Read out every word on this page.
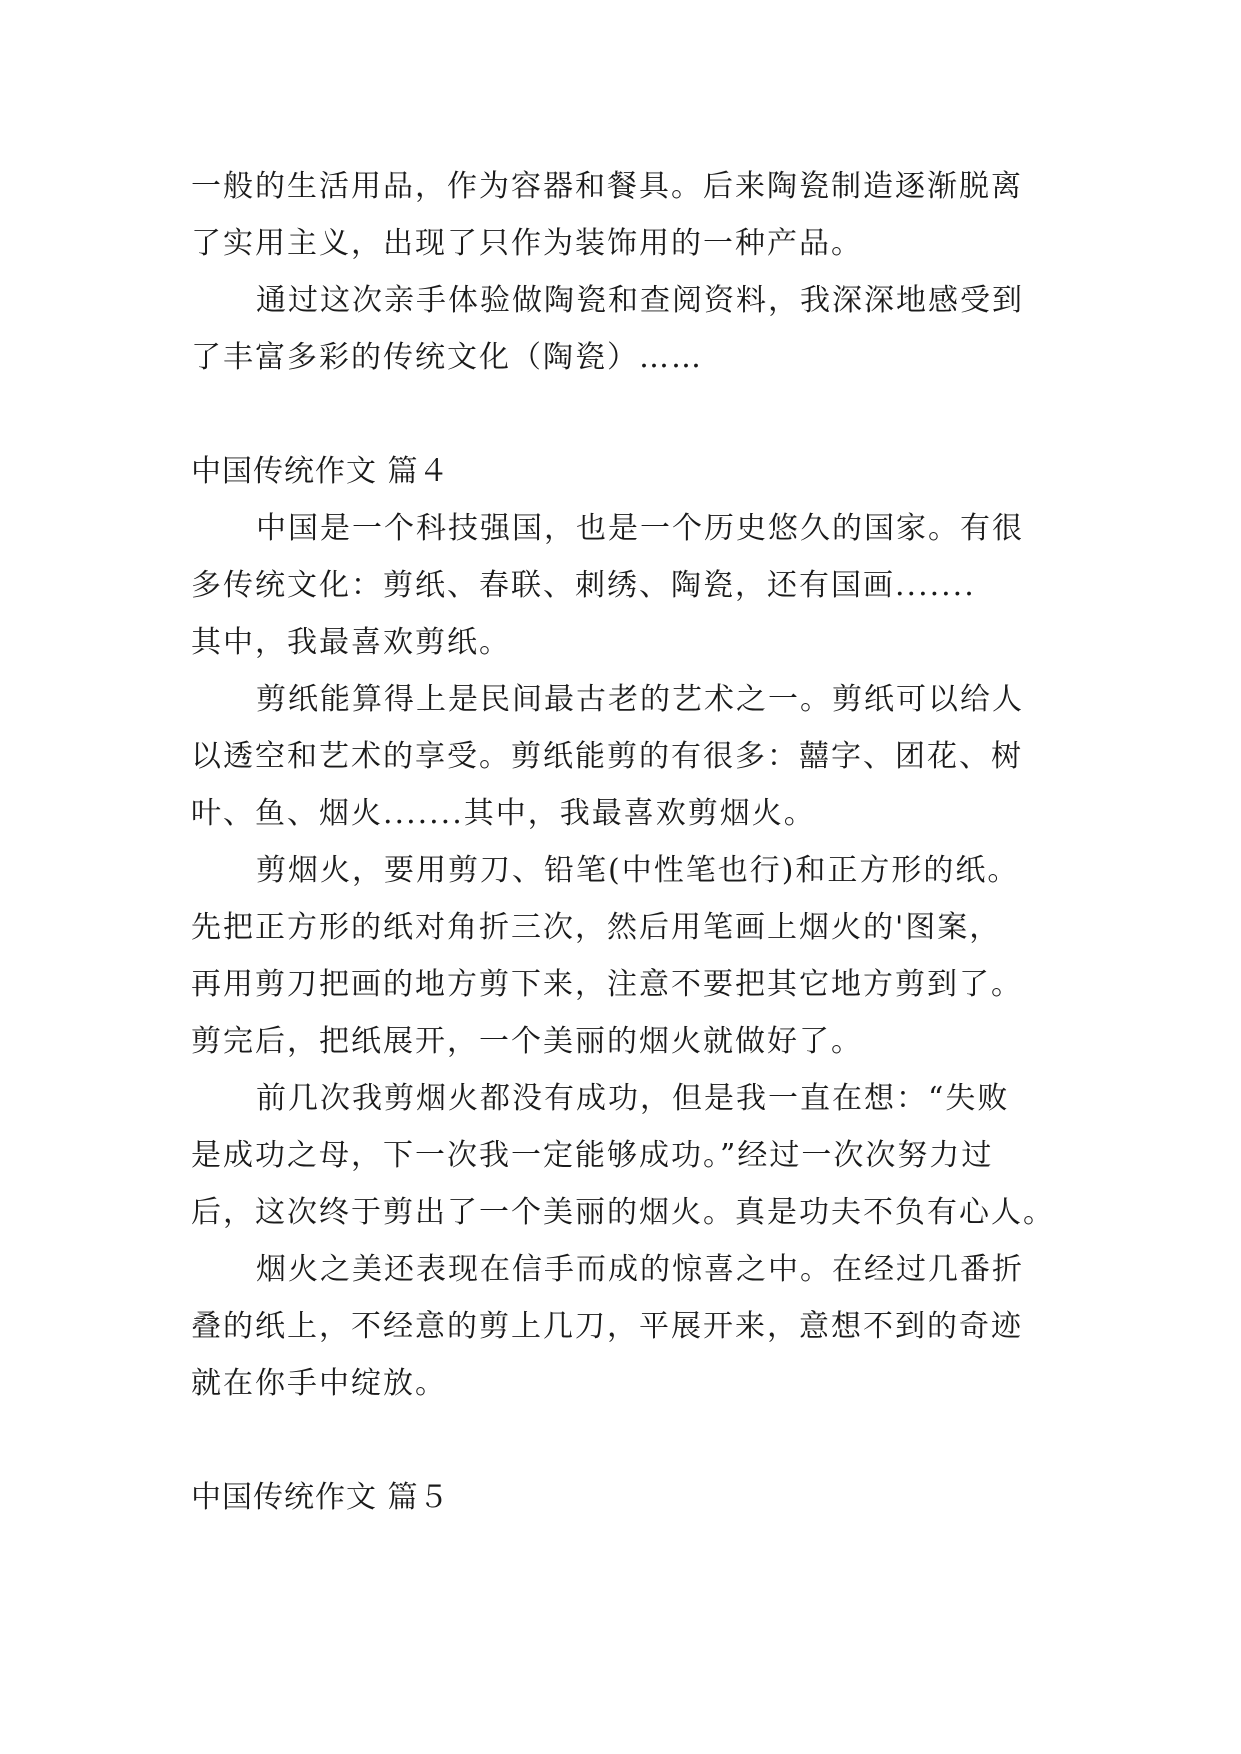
一般的生活用品，作为容器和餐具。后来陶瓷制造逐渐脱离
了实用主义，出现了只作为装饰用的一种产品。
通过这次亲手体验做陶瓷和查阅资料，我深深地感受到
了丰富多彩的传统文化（陶瓷）……
中国传统作文 篇４
中国是一个科技强国，也是一个历史悠久的国家。有很
多传统文化：剪纸、春联、刺绣、陶瓷，还有国画.......
其中，我最喜欢剪纸。
剪纸能算得上是民间最古老的艺术之一。剪纸可以给人
以透空和艺术的享受。剪纸能剪的有很多：囍字、团花、树
叶、鱼、烟火.......其中，我最喜欢剪烟火。
剪烟火，要用剪刀、铅笔(中性笔也行)和正方形的纸。
先把正方形的纸对角折三次，然后用笔画上烟火的'图案，
再用剪刀把画的地方剪下来，注意不要把其它地方剪到了。
剪完后，把纸展开，一个美丽的烟火就做好了。
前几次我剪烟火都没有成功，但是我一直在想：“失败
是成功之母，下一次我一定能够成功。”经过一次次努力过
后，这次终于剪出了一个美丽的烟火。真是功夫不负有心人。
烟火之美还表现在信手而成的惊喜之中。在经过几番折
叠的纸上，不经意的剪上几刀，平展开来，意想不到的奇迹
就在你手中绽放。
中国传统作文 篇５
